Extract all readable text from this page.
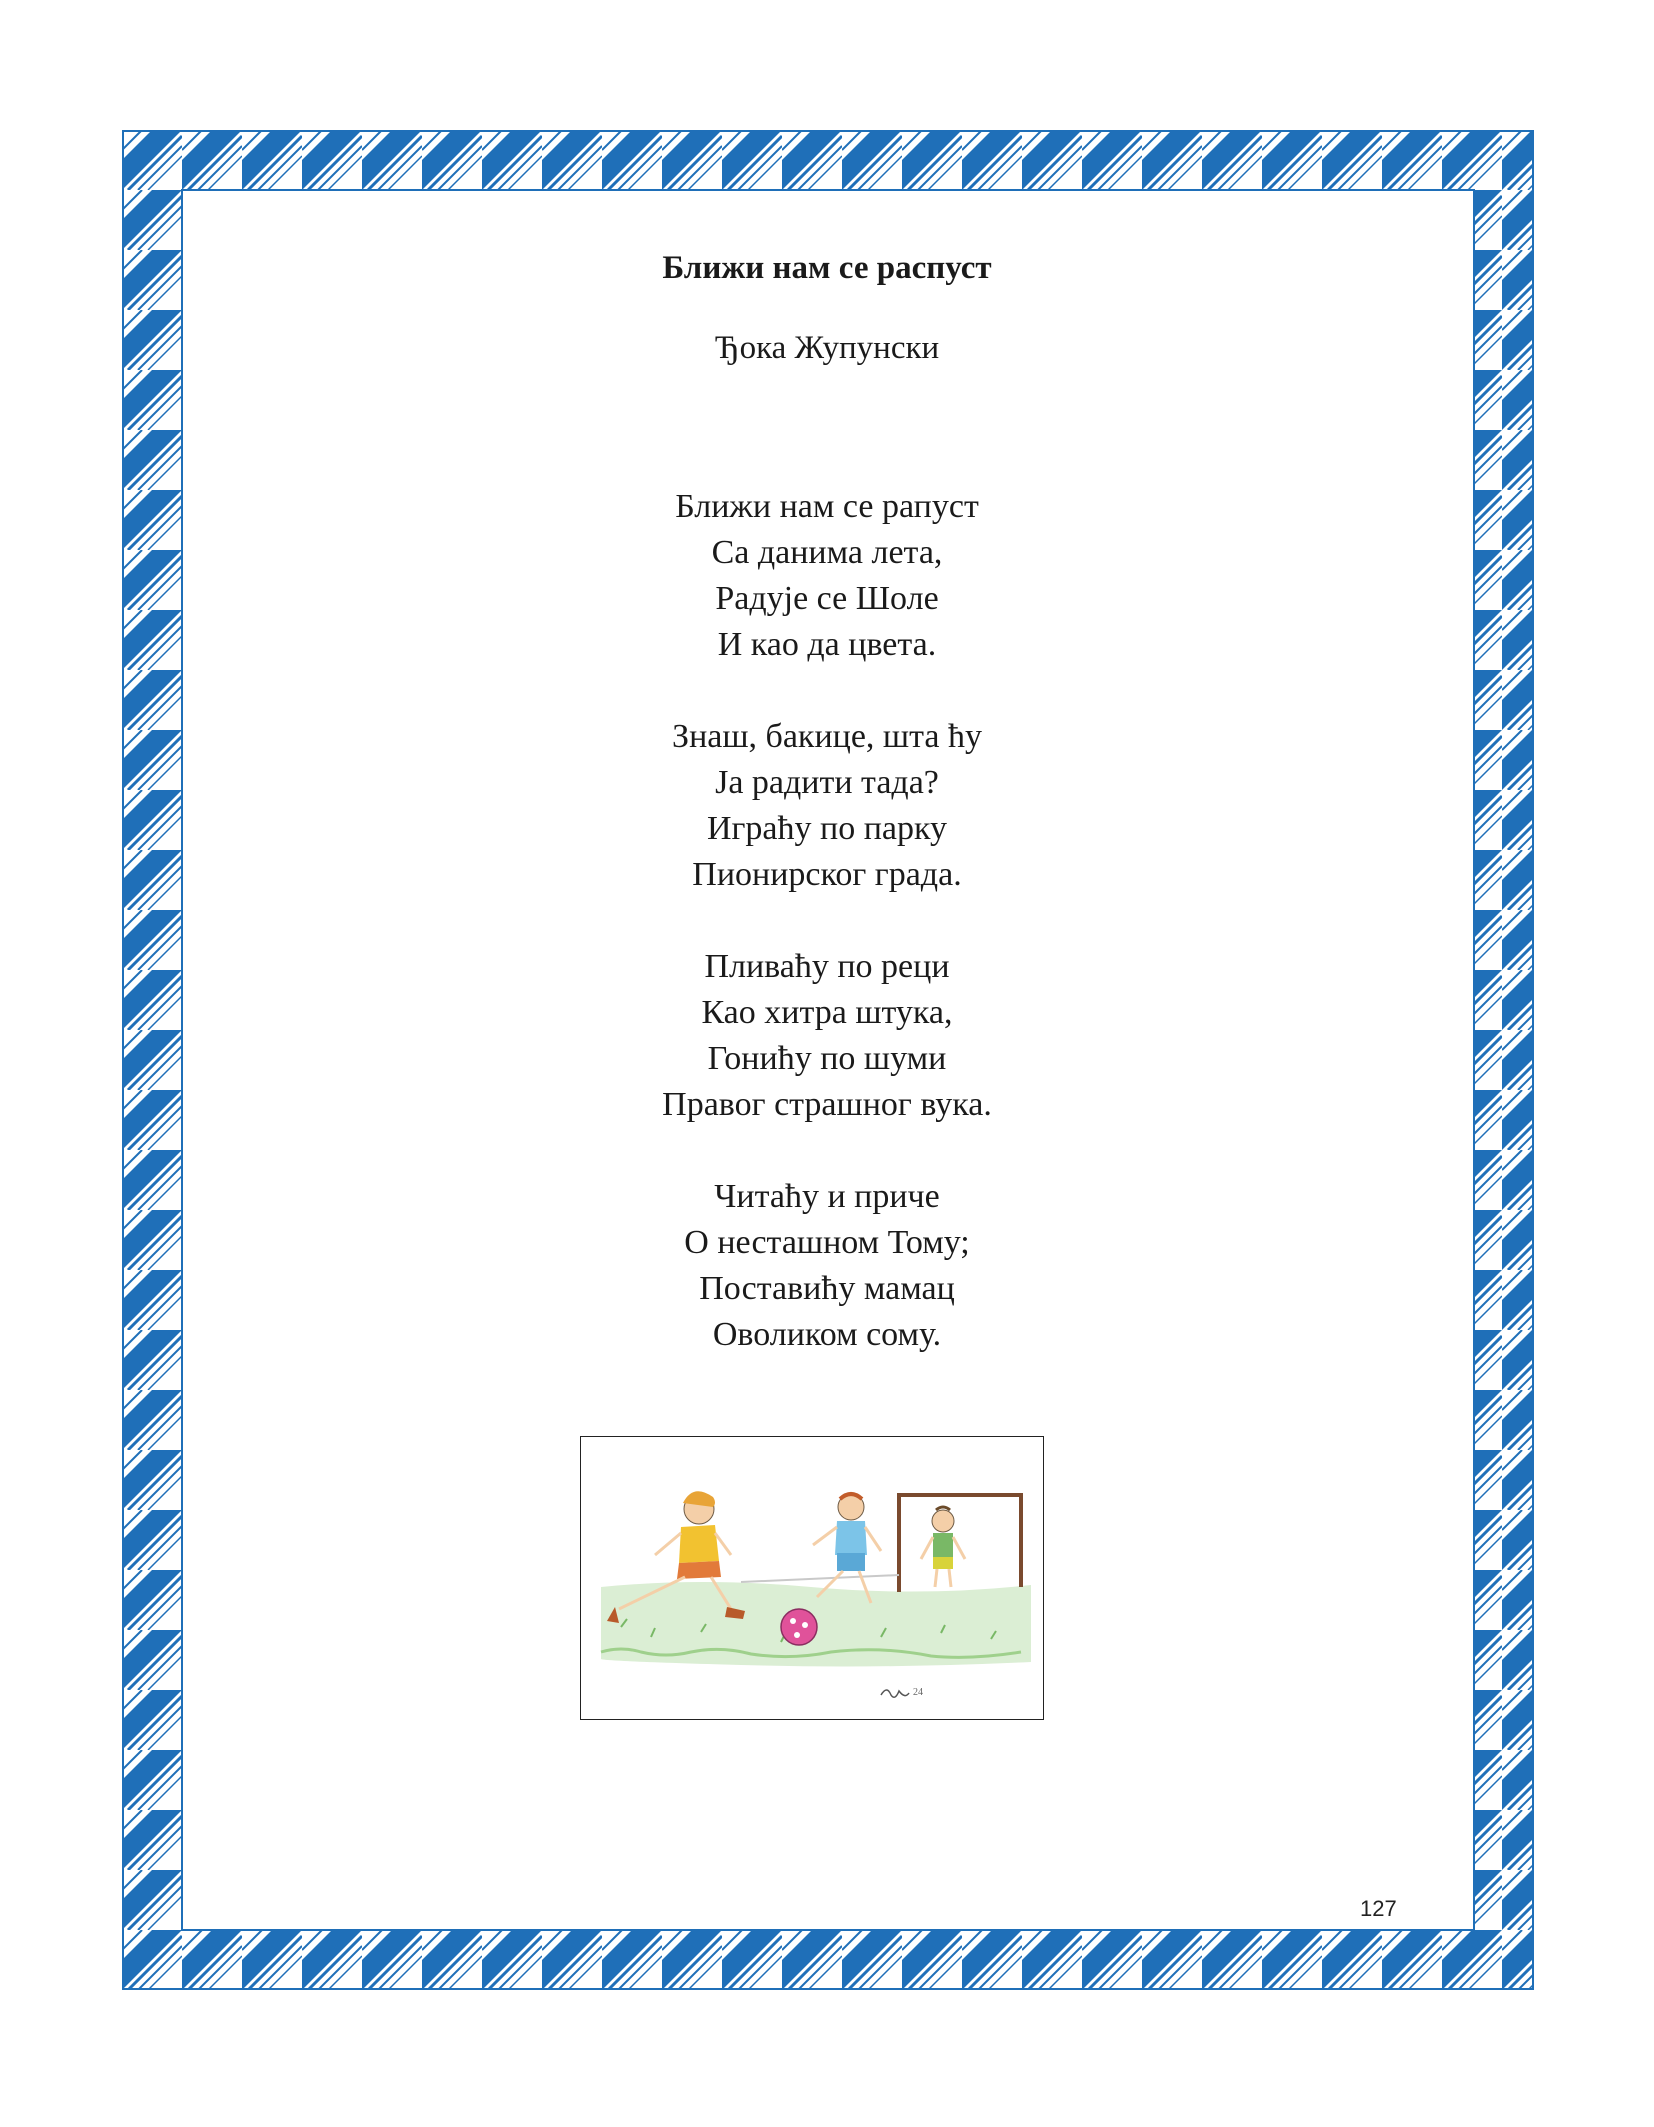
Ближи нам се распуст
Ђока Жупунски
Ближи нам се рапуст
Са данима лета,
Радује се Шоле
И као да цвета.
Знаш, бакице, шта ћу
Ја радити тада?
Играћу по парку
Пионирског града.
Пливаћу по реци
Као хитра штука,
Гонићу по шуми
Правог страшног вука.
Читаћу и приче
О несташном Тому;
Поставићу мамац
Оволиком сому.
24
127
